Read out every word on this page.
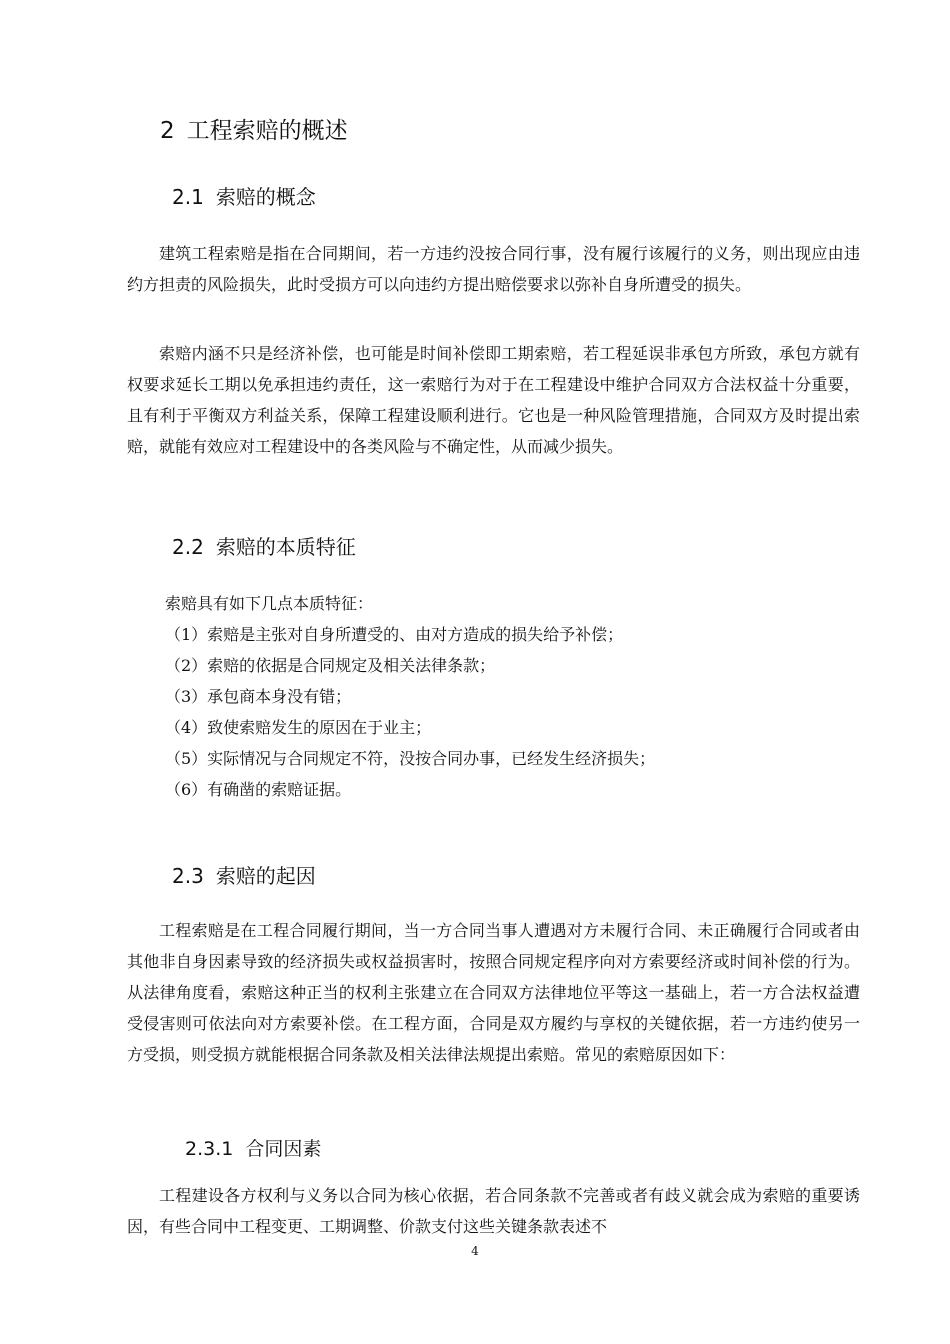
2 工程索赔的概述
2.1 索赔的概念

建筑工程索赔是指在合同期间，若一方违约没按合同行事，没有履行该履行的义务，则出现应由违约方担责的风险损失，此时受损方可以向违约方提出赔偿要求以弥补自身所遭受的损失。

索赔内涵不只是经济补偿，也可能是时间补偿即工期索赔，若工程延误非承包方所致，承包方就有权要求延长工期以免承担违约责任，这一索赔行为对于在工程建设中维护合同双方合法权益十分重要，且有利于平衡双方利益关系，保障工程建设顺利进行。它也是一种风险管理措施，合同双方及时提出索赔，就能有效应对工程建设中的各类风险与不确定性，从而减少损失。

2.2 索赔的本质特征
索赔具有如下几点本质特征：
（1）索赔是主张对自身所遭受的、由对方造成的损失给予补偿；
（2）索赔的依据是合同规定及相关法律条款；
（3）承包商本身没有错；
（4）致使索赔发生的原因在于业主；
（5）实际情况与合同规定不符，没按合同办事，已经发生经济损失；
（6）有确凿的索赔证据。
2.3 索赔的起因

工程索赔是在工程合同履行期间，当一方合同当事人遭遇对方未履行合同、未正确履行合同或者由其他非自身因素导致的经济损失或权益损害时，按照合同规定程序向对方索要经济或时间补偿的行为。从法律角度看，索赔这种正当的权利主张建立在合同双方法律地位平等这一基础上，若一方合法权益遭受侵害则可依法向对方索要补偿。在工程方面，合同是双方履约与享权的关键依据，若一方违约使另一方受损，则受损方就能根据合同条款及相关法律法规提出索赔。常见的索赔原因如下：

2.3.1 合同因素

工程建设各方权利与义务以合同为核心依据，若合同条款不完善或者有歧义就会成为索赔的重要诱因，有些合同中工程变更、工期调整、价款支付这些关键条款表述不

4
